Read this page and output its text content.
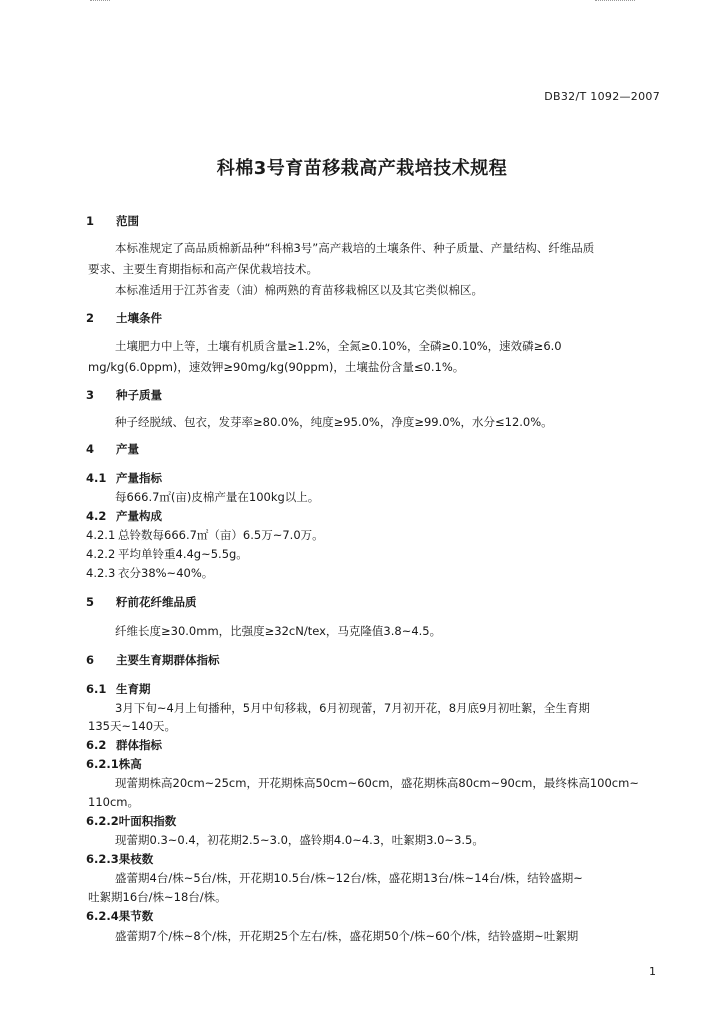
DB32/T 1092—2007
科棉3号育苗移栽高产栽培技术规程
1 范围
本标准规定了高品质棉新品种“科棉3号”高产栽培的土壤条件、种子质量、产量结构、纤维品质
要求、主要生育期指标和高产保优栽培技术。
本标准适用于江苏省麦（油）棉两熟的育苗移栽棉区以及其它类似棉区。
2 土壤条件
土壤肥力中上等，土壤有机质含量≥1.2%，全氮≥0.10%，全磷≥0.10%，速效磷≥6.0
mg/kg(6.0ppm)，速效钾≥90mg/kg(90ppm)，土壤盐份含量≤0.1%。
3 种子质量
种子经脱绒、包衣，发芽率≥80.0%，纯度≥95.0%，净度≥99.0%，水分≤12.0%。
4 产量
4.1 产量指标
每666.7㎡(亩)皮棉产量在100kg以上。
4.2 产量构成
4.2.1 总铃数每666.7㎡（亩）6.5万~7.0万。
4.2.2 平均单铃重4.4g~5.5g。
4.2.3 衣分38%~40%。
5 籽前花纤维品质
纤维长度≥30.0mm，比强度≥32cN/tex，马克隆值3.8~4.5。
6 主要生育期群体指标
6.1 生育期
3月下旬~4月上旬播种，5月中旬移栽，6月初现蕾，7月初开花，8月底9月初吐絮，全生育期
135天~140天。
6.2 群体指标
6.2.1株高
现蕾期株高20cm~25cm，开花期株高50cm~60cm，盛花期株高80cm~90cm，最终株高100cm~
110cm。
6.2.2叶面积指数
现蕾期0.3~0.4，初花期2.5~3.0，盛铃期4.0~4.3，吐絮期3.0~3.5。
6.2.3果枝数
盛蕾期4台/株~5台/株，开花期10.5台/株~12台/株，盛花期13台/株~14台/株，结铃盛期~
吐絮期16台/株~18台/株。
6.2.4果节数
盛蕾期7个/株~8个/株，开花期25个左右/株，盛花期50个/株~60个/株，结铃盛期~吐絮期
1
